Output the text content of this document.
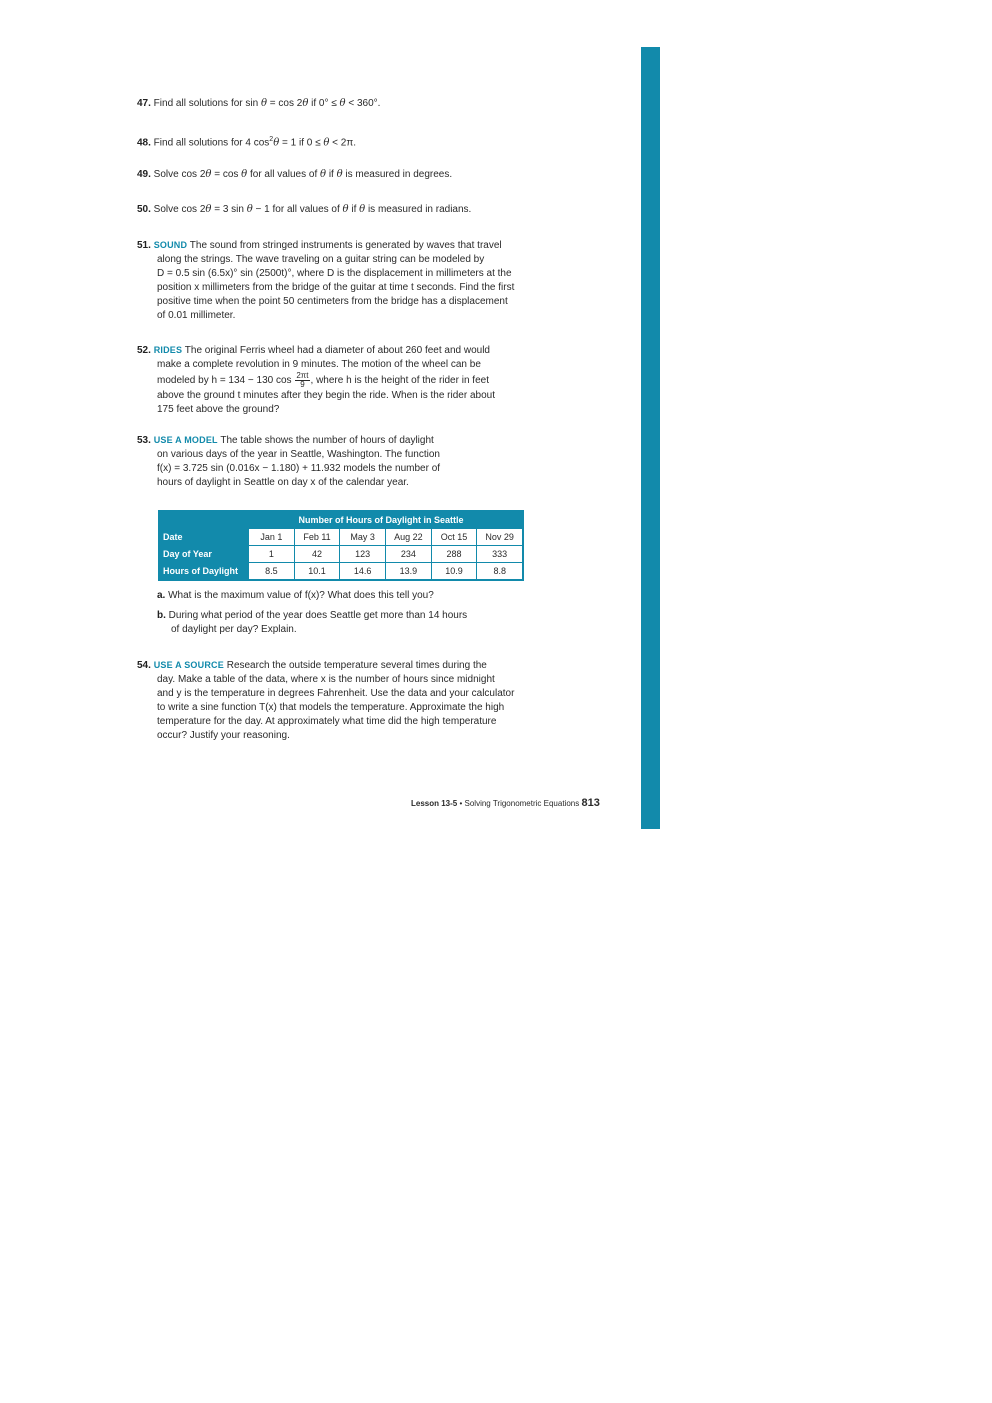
47. Find all solutions for sin θ = cos 2θ if 0° ≤ θ < 360°.
48. Find all solutions for 4 $\cos^2\theta = 1$ if 0 ≤ θ < 2π.
49. Solve cos 2θ = cos θ for all values of θ if θ is measured in degrees.
50. Solve cos 2θ = 3 sin θ − 1 for all values of θ if θ is measured in radians.
51. SOUND The sound from stringed instruments is generated by waves that travel
along the strings. The wave traveling on a guitar string can be modeled by
D = 0.5 sin (6.5x)° sin (2500t)°, where D is the displacement in millimeters at the
position x millimeters from the bridge of the guitar at time t seconds. Find the first
positive time when the point 50 centimeters from the bridge has a displacement
of 0.01 millimeter.
52. RIDES The original Ferris wheel had a diameter of about 260 feet and would
make a complete revolution in 9 minutes. The motion of the wheel can be
modeled by h = 134 − 130 $\cos \frac{2\pi t}{9}$ , where h is the height of the rider in feet
above the ground t minutes after they begin the ride. When is the rider about
175 feet above the ground?
53. USE A MODEL The table shows the number of hours of daylight
on various days of the year in Seattle, Washington. The function
f(x) = 3.725 sin (0.016x − 1.180) + 11.932 models the number of
hours of daylight in Seattle on day x of the calendar year.
Number of Hours of Daylight in Seattle
Date	Jan 1	Feb 11	May 3	Aug 22	Oct 15	Nov 29
Day of Year	1	42	123	234	288	333
Hours of Daylight	8.5	10.1	14.6	13.9	10.9	8.8
a. What is the maximum value of f(x)? What does this tell you?
b. During what period of the year does Seattle get more than 14 hours
of daylight per day? Explain.
54. USE A SOURCE Research the outside temperature several times during the
day. Make a table of the data, where x is the number of hours since midnight
and y is the temperature in degrees Fahrenheit. Use the data and your calculator
to write a sine function T(x) that models the temperature. Approximate the high
temperature for the day. At approximately what time did the high temperature
occur? Justify your reasoning.
Lesson 13-5 • Solving Trigonometric Equations 813
